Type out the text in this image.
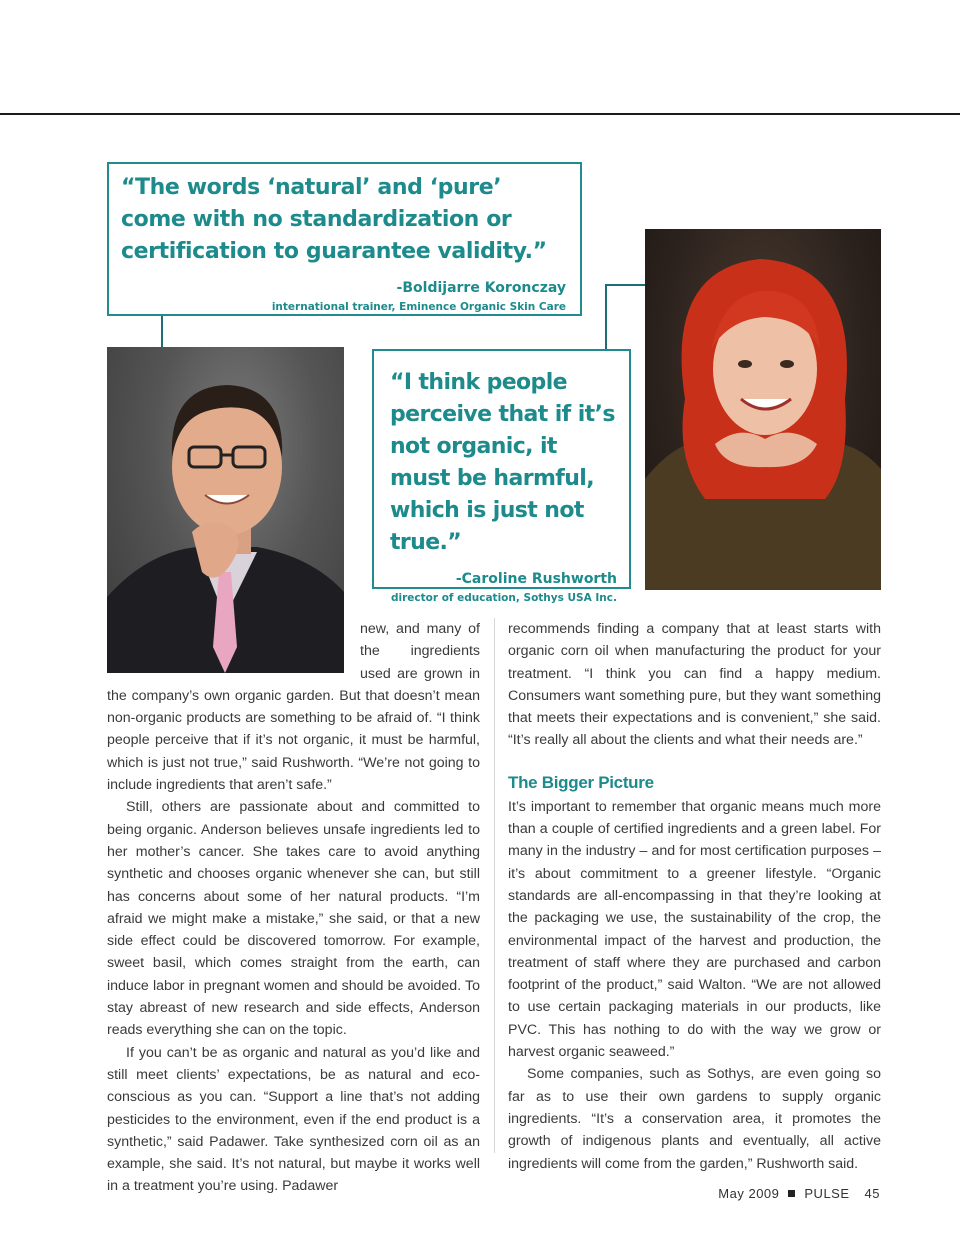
“The words ‘natural’ and ‘pure’ come with no standardization or certification to guarantee validity.”
-Boldijarre Koronczay
international trainer, Eminence Organic Skin Care
“I think people perceive that if it’s not organic, it must be harmful, which is just not true.”
-Caroline Rushworth
director of education, Sothys USA Inc.

new, and many of the ingredients used are grown in the company’s own organic garden. But that doesn’t mean non-organic products are something to be afraid of. “I think people perceive that if it’s not organic, it must be harmful, which is just not true,” said Rushworth. “We’re not going to include ingredients that aren’t safe.”

Still, others are passionate about and committed to being organic. Anderson believes unsafe ingredients led to her mother’s cancer. She takes care to avoid anything synthetic and chooses organic whenever she can, but still has concerns about some of her natural products. “I’m afraid we might make a mistake,” she said, or that a new side effect could be discovered tomorrow. For example, sweet basil, which comes straight from the earth, can induce labor in pregnant women and should be avoided. To stay abreast of new research and side effects, Anderson reads everything she can on the topic.

If you can’t be as organic and natural as you’d like and still meet clients’ expectations, be as natural and eco-conscious as you can. “Support a line that’s not adding pesticides to the environment, even if the end product is a synthetic,” said Padawer. Take synthesized corn oil as an example, she said. It’s not natural, but maybe it works well in a treatment you’re using. Padawer

recommends finding a company that at least starts with organic corn oil when manufacturing the product for your treatment. “I think you can find a happy medium. Consumers want something pure, but they want something that meets their expectations and is convenient,” she said. “It’s really all about the clients and what their needs are.”

The Bigger Picture

It’s important to remember that organic means much more than a couple of certified ingredients and a green label. For many in the industry – and for most certification purposes – it’s about commitment to a greener lifestyle. “Organic standards are all-encompassing in that they’re looking at the packaging we use, the sustainability of the crop, the environmental impact of the harvest and production, the treatment of staff where they are purchased and carbon footprint of the product,” said Walton. “We are not allowed to use certain packaging materials in our products, like PVC. This has nothing to do with the way we grow or harvest organic seaweed.”

Some companies, such as Sothys, are even going so far as to use their own gardens to supply organic ingredients. “It’s a conservation area, it promotes the growth of indigenous plants and eventually, all active ingredients will come from the garden,” Rushworth said.

May 2009 PULSE 45
